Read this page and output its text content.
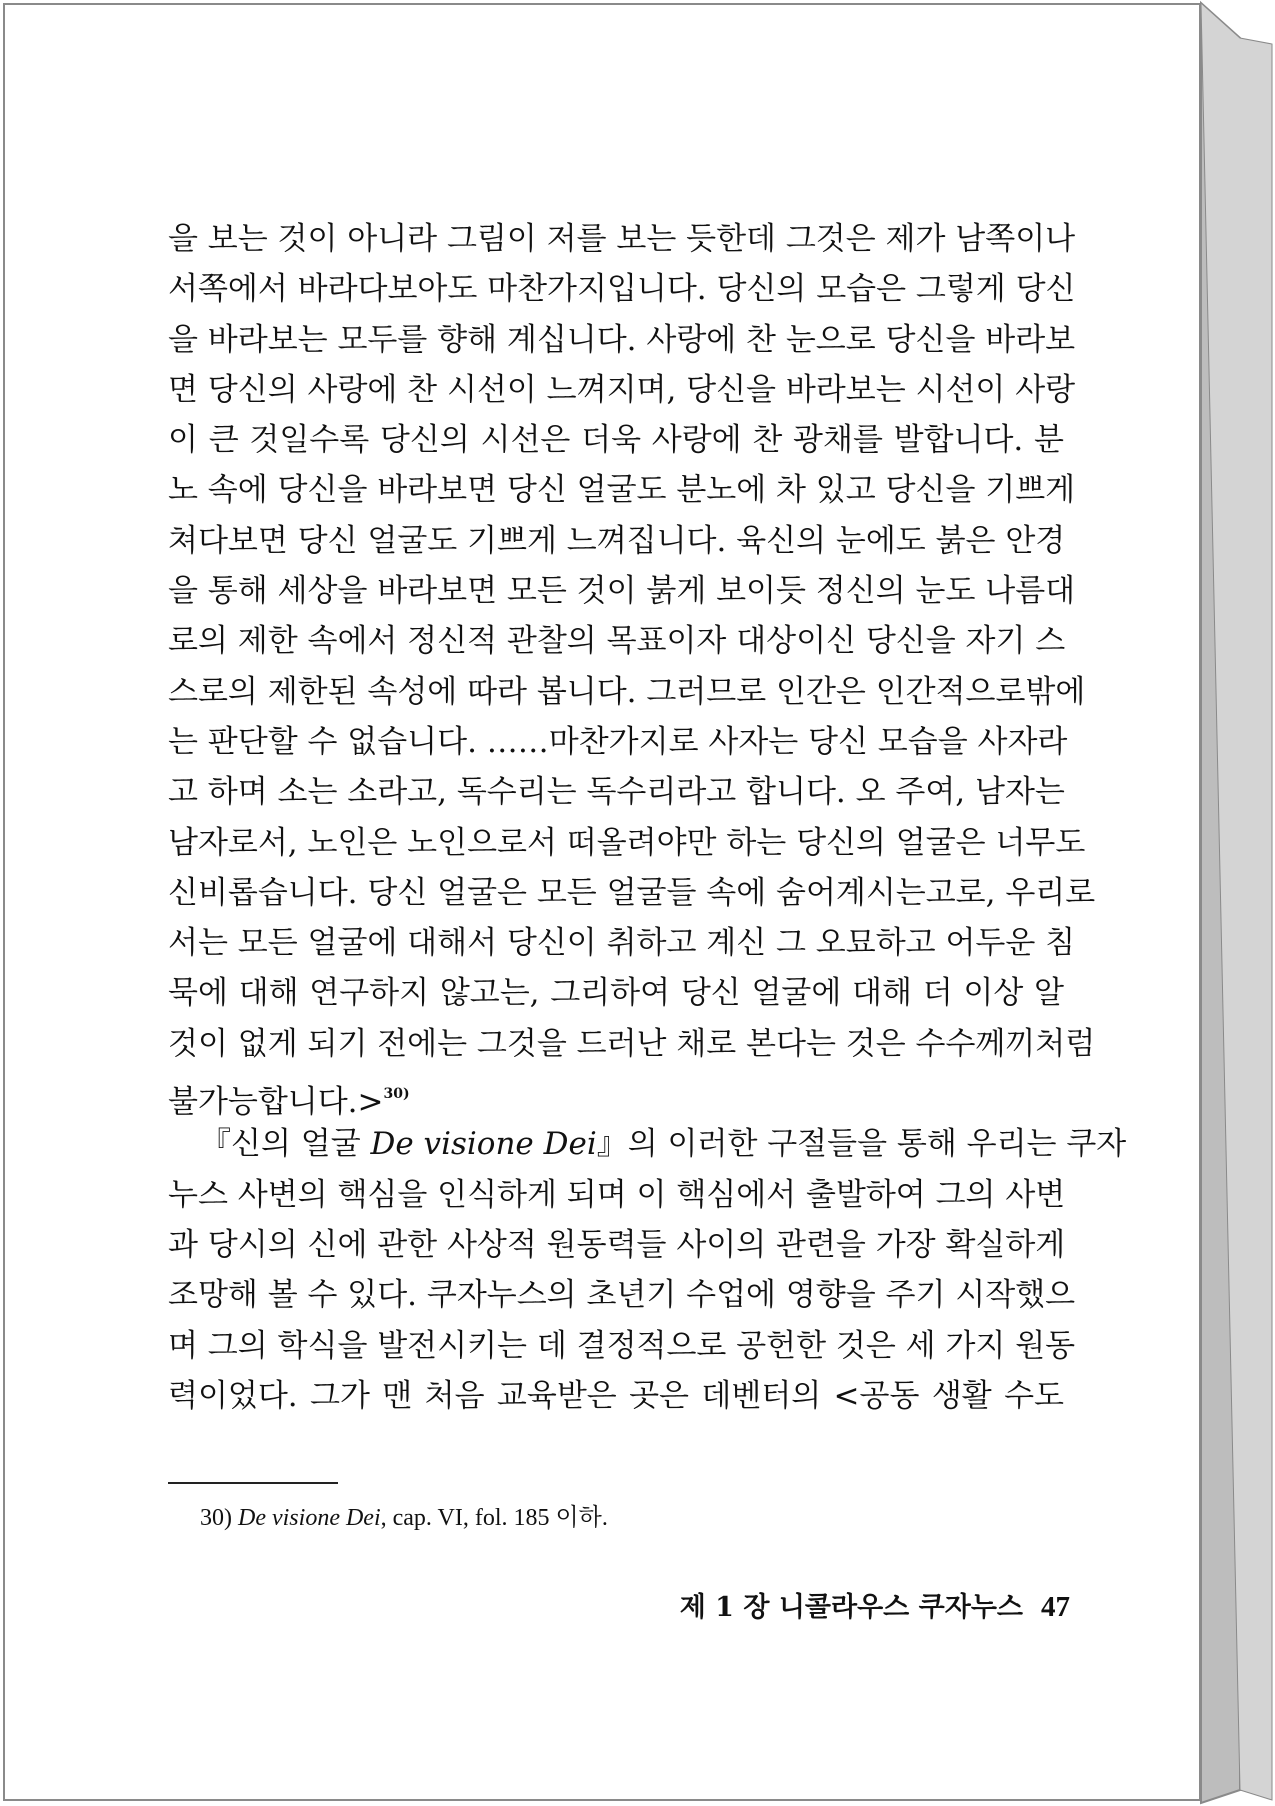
을 보는 것이 아니라 그림이 저를 보는 듯한데 그것은 제가 남쪽이나
서쪽에서 바라다보아도 마찬가지입니다. 당신의 모습은 그렇게 당신
을 바라보는 모두를 향해 계십니다. 사랑에 찬 눈으로 당신을 바라보
면 당신의 사랑에 찬 시선이 느껴지며, 당신을 바라보는 시선이 사랑
이 큰 것일수록 당신의 시선은 더욱 사랑에 찬 광채를 발합니다. 분
노 속에 당신을 바라보면 당신 얼굴도 분노에 차 있고 당신을 기쁘게
쳐다보면 당신 얼굴도 기쁘게 느껴집니다. 육신의 눈에도 붉은 안경
을 통해 세상을 바라보면 모든 것이 붉게 보이듯 정신의 눈도 나름대
로의 제한 속에서 정신적 관찰의 목표이자 대상이신 당신을 자기 스
스로의 제한된 속성에 따라 봅니다. 그러므로 인간은 인간적으로밖에
는 판단할 수 없습니다. ……마찬가지로 사자는 당신 모습을 사자라
고 하며 소는 소라고, 독수리는 독수리라고 합니다. 오 주여, 남자는
남자로서, 노인은 노인으로서 떠올려야만 하는 당신의 얼굴은 너무도
신비롭습니다. 당신 얼굴은 모든 얼굴들 속에 숨어계시는고로, 우리로
서는 모든 얼굴에 대해서 당신이 취하고 계신 그 오묘하고 어두운 침
묵에 대해 연구하지 않고는, 그리하여 당신 얼굴에 대해 더 이상 알
것이 없게 되기 전에는 그것을 드러난 채로 본다는 것은 수수께끼처럼
불가능합니다.>$^{30)}$
『신의 얼굴 De visione Dei』의 이러한 구절들을 통해 우리는 쿠자
누스 사변의 핵심을 인식하게 되며 이 핵심에서 출발하여 그의 사변
과 당시의 신에 관한 사상적 원동력들 사이의 관련을 가장 확실하게
조망해 볼 수 있다. 쿠자누스의 초년기 수업에 영향을 주기 시작했으
며 그의 학식을 발전시키는 데 결정적으로 공헌한 것은 세 가지 원동
력이었다. 그가 맨 처음 교육받은 곳은 데벤터의 <공동 생활 수도
30) De visione Dei, cap. VI, fol. 185 이하.
제 1 장 니콜라우스 쿠자누스 47
